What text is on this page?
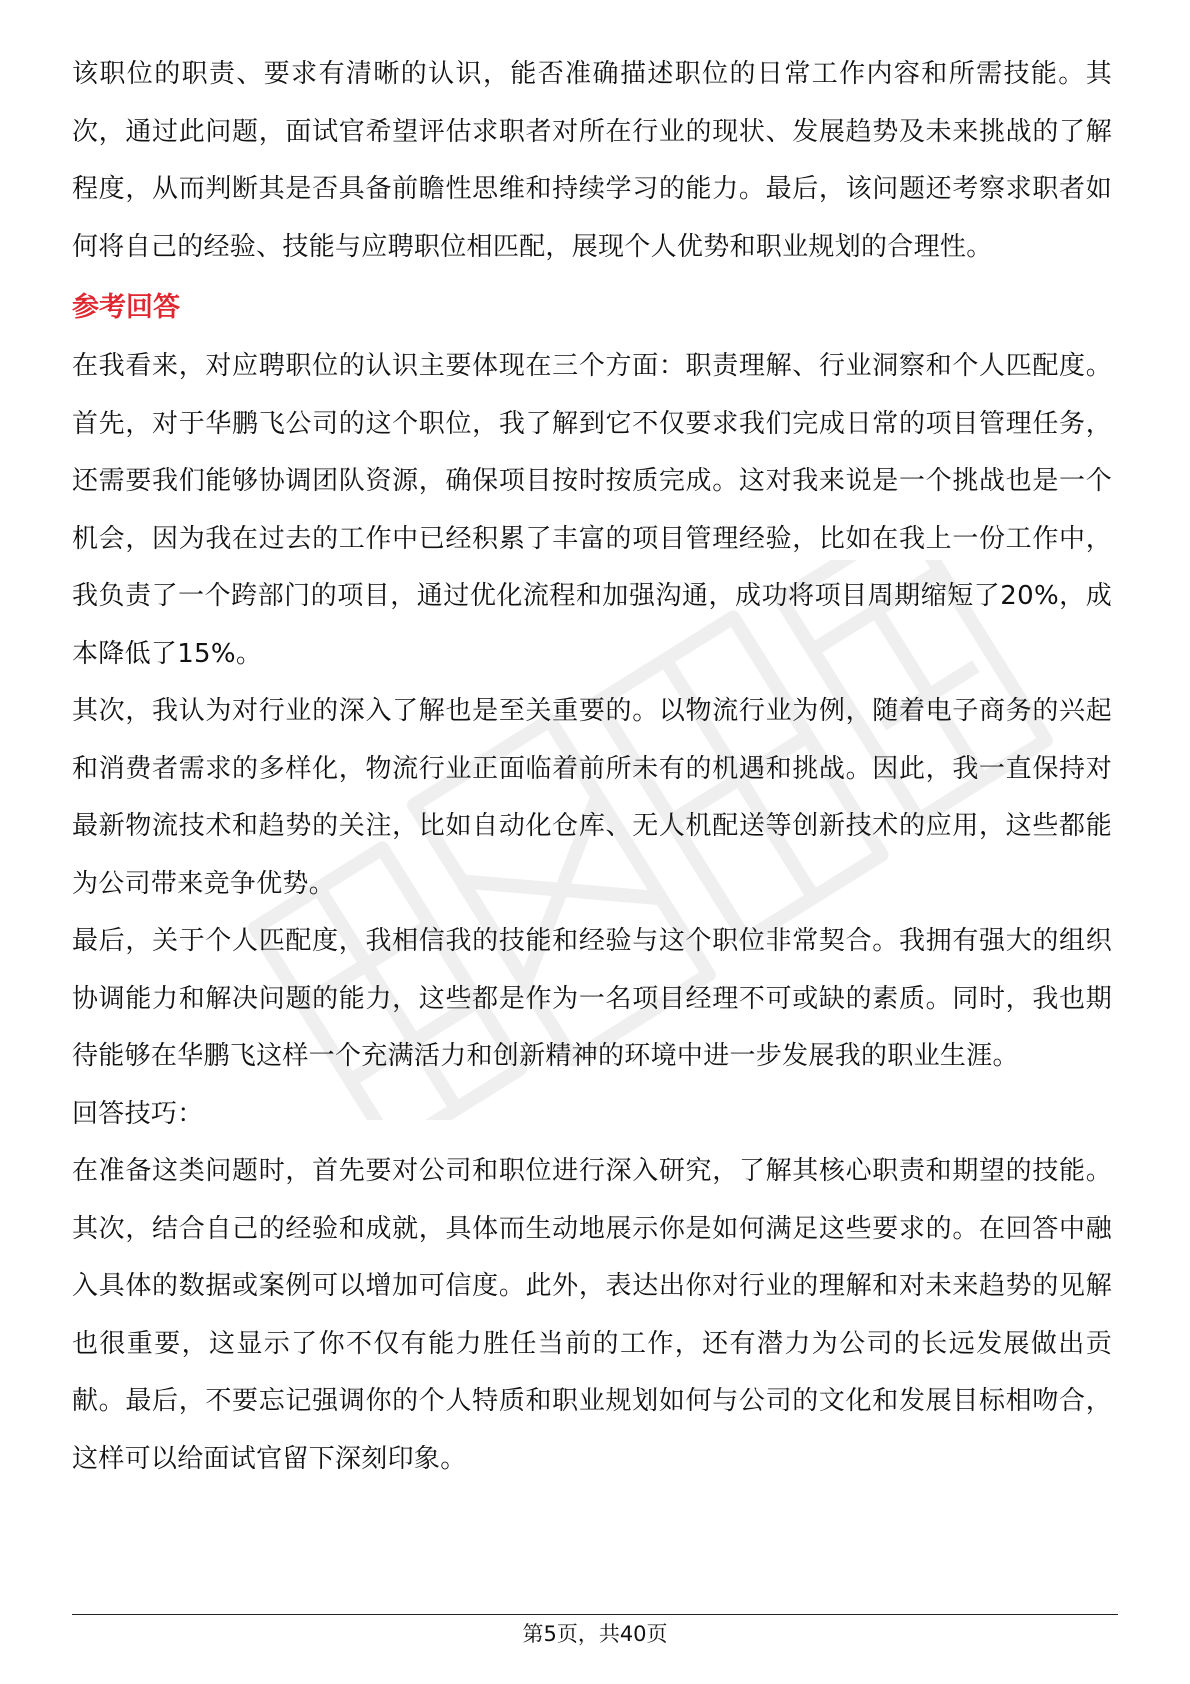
该职位的职责、要求有清晰的认识，能否准确描述职位的日常工作内容和所需技能。其次，通过此问题，面试官希望评估求职者对所在行业的现状、发展趋势及未来挑战的了解程度，从而判断其是否具备前瞻性思维和持续学习的能力。最后，该问题还考察求职者如何将自己的经验、技能与应聘职位相匹配，展现个人优势和职业规划的合理性。

参考回答

在我看来，对应聘职位的认识主要体现在三个方面：职责理解、行业洞察和个人匹配度。首先，对于华鹏飞公司的这个职位，我了解到它不仅要求我们完成日常的项目管理任务，还需要我们能够协调团队资源，确保项目按时按质完成。这对我来说是一个挑战也是一个机会，因为我在过去的工作中已经积累了丰富的项目管理经验，比如在我上一份工作中，我负责了一个跨部门的项目，通过优化流程和加强沟通，成功将项目周期缩短了20%，成本降低了15%。

其次，我认为对行业的深入了解也是至关重要的。以物流行业为例，随着电子商务的兴起和消费者需求的多样化，物流行业正面临着前所未有的机遇和挑战。因此，我一直保持对最新物流技术和趋势的关注，比如自动化仓库、无人机配送等创新技术的应用，这些都能为公司带来竞争优势。

最后，关于个人匹配度，我相信我的技能和经验与这个职位非常契合。我拥有强大的组织协调能力和解决问题的能力，这些都是作为一名项目经理不可或缺的素质。同时，我也期待能够在华鹏飞这样一个充满活力和创新精神的环境中进一步发展我的职业生涯。

回答技巧：

在准备这类问题时，首先要对公司和职位进行深入研究，了解其核心职责和期望的技能。其次，结合自己的经验和成就，具体而生动地展示你是如何满足这些要求的。在回答中融入具体的数据或案例可以增加可信度。此外，表达出你对行业的理解和对未来趋势的见解也很重要，这显示了你不仅有能力胜任当前的工作，还有潜力为公司的长远发展做出贡献。最后，不要忘记强调你的个人特质和职业规划如何与公司的文化和发展目标相吻合，这样可以给面试官留下深刻印象。

第5页，共40页
